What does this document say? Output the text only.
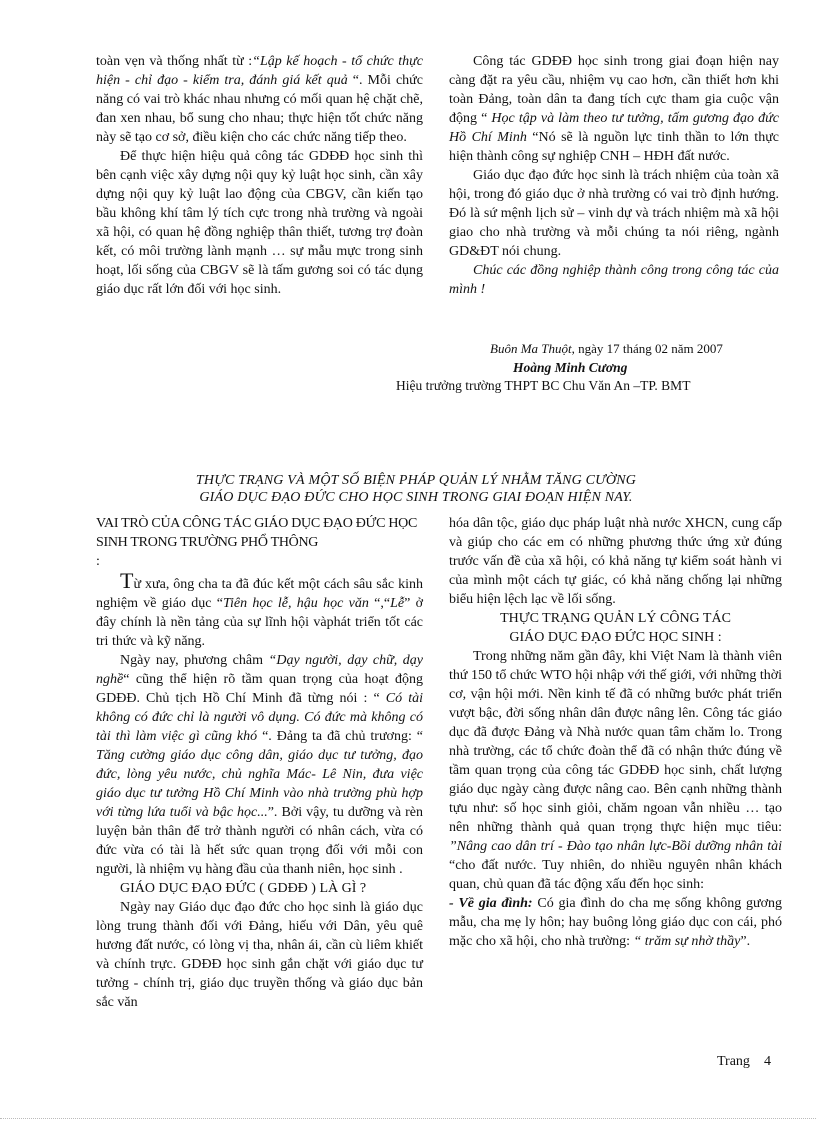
toàn vẹn và thống nhất từ :“Lập kế hoạch - tổ chức thực hiện - chỉ đạo - kiểm tra, đánh giá kết quả “. Mỗi chức năng có vai trò khác nhau nhưng có mối quan hệ chặt chẽ, đan xen nhau, bổ sung cho nhau; thực hiện tốt chức năng này sẽ tạo cơ sở, điều kiện cho các chức năng tiếp theo.

Để thực hiện hiệu quả công tác GDĐĐ học sinh thì bên cạnh việc xây dựng nội quy kỷ luật học sinh, cần xây dựng nội quy kỷ luật lao động của CBGV, cần kiến tạo bầu không khí tâm lý tích cực trong nhà trường và ngoài xã hội, có quan hệ đồng nghiệp thân thiết, tương trợ đoàn kết, có môi trường lành mạnh … sự mẫu mực trong sinh hoạt, lối sống của CBGV sẽ là tấm gương soi có tác dụng giáo dục rất lớn đối với học sinh.

Công tác GDĐĐ học sinh trong giai đoạn hiện nay càng đặt ra yêu cầu, nhiệm vụ cao hơn, cần thiết hơn khi toàn Đảng, toàn dân ta đang tích cực tham gia cuộc vận động “ Học tập và làm theo tư tưởng, tấm gương đạo đức Hồ Chí Minh “Nó sẽ là nguồn lực tinh thần to lớn thực hiện thành công sự nghiệp CNH – HĐH đất nước.

Giáo dục đạo đức học sinh là trách nhiệm của toàn xã hội, trong đó giáo dục ở nhà trường có vai trò định hướng. Đó là sứ mệnh lịch sử – vinh dự và trách nhiệm mà xã hội giao cho nhà trường và mỗi chúng ta nói riêng, ngành GD&ĐT nói chung.

Chúc các đồng nghiệp thành công trong công tác của mình !

Buôn Ma Thuột, ngày 17 tháng 02 năm 2007
Hoàng Minh Cương
Hiệu trưởng trường THPT BC Chu Văn An –TP. BMT
THỰC TRẠNG VÀ MỘT SỐ BIỆN PHÁP QUẢN LÝ NHẰM TĂNG CƯỜNG
GIÁO DỤC ĐẠO ĐỨC CHO HỌC SINH TRONG GIAI ĐOẠN HIỆN NAY.

VAI TRÒ CỦA CÔNG TÁC GIÁO DỤC ĐẠO ĐỨC HỌC SINH TRONG TRƯỜNG PHỔ THÔNG

:

Từ xưa, ông cha ta đã đúc kết một cách sâu sắc kinh nghiệm về giáo dục “Tiên học lễ, hậu học văn “,“Lễ” ở đây chính là nền tảng của sự lĩnh hội vàphát triển tốt các tri thức và kỹ năng.

Ngày nay, phương châm “Dạy người, dạy chữ, dạy nghề“ cũng thể hiện rõ tầm quan trọng của hoạt động GDĐĐ. Chủ tịch Hồ Chí Minh đã từng nói : “ Có tài không có đức chỉ là người vô dụng. Có đức mà không có tài thì làm việc gì cũng khó “. Đảng ta đã chủ trương: “ Tăng cường giáo dục công dân, giáo dục tư tưởng, đạo đức, lòng yêu nước, chủ nghĩa Mác- Lê Nin, đưa việc giáo dục tư tưởng Hồ Chí Minh vào nhà trường phù hợp với từng lứa tuổi và bậc học...”. Bởi vậy, tu dưỡng và rèn luyện bản thân để trở thành người có nhân cách, vừa có đức vừa có tài là hết sức quan trọng đối với mỗi con người, là nhiệm vụ hàng đầu của thanh niên, học sinh .

GIÁO DỤC ĐẠO ĐỨC ( GDĐĐ ) LÀ GÌ ?

Ngày nay Giáo dục đạo đức cho học sinh là giáo dục lòng trung thành đối với Đảng, hiếu với Dân, yêu quê hương đất nước, có lòng vị tha, nhân ái, cần cù liêm khiết và chính trực. GDĐĐ học sinh gắn chặt với giáo dục tư tưởng - chính trị, giáo dục truyền thống và giáo dục bản sắc văn

hóa dân tộc, giáo dục pháp luật nhà nước XHCN, cung cấp và giúp cho các em có những phương thức ứng xử đúng trước vấn đề của xã hội, có khả năng tự kiểm soát hành vi của mình một cách tự giác, có khả năng chống lại những biểu hiện lệch lạc về lối sống.

THỰC TRẠNG QUẢN LÝ CÔNG TÁC

GIÁO DỤC ĐẠO ĐỨC HỌC SINH :

Trong những năm gần đây, khi Việt Nam là thành viên thứ 150 tổ chức WTO hội nhập với thế giới, với những thời cơ, vận hội mới. Nền kinh tế đã có những bước phát triển vượt bậc, đời sống nhân dân được nâng lên. Công tác giáo dục đã được Đảng và Nhà nước quan tâm chăm lo. Trong nhà trường, các tổ chức đoàn thể đã có nhận thức đúng về tầm quan trọng của công tác GDĐĐ học sinh, chất lượng giáo dục ngày càng được nâng cao. Bên cạnh những thành tựu như: số học sinh giỏi, chăm ngoan vẫn nhiều … tạo nên những thành quả quan trọng thực hiện mục tiêu: ”Nâng cao dân trí - Đào tạo nhân lực-Bồi dưỡng nhân tài “cho đất nước. Tuy nhiên, do nhiều nguyên nhân khách quan, chủ quan đã tác động xấu đến học sinh:

- Về gia đình: Có gia đình do cha mẹ sống không gương mẫu, cha mẹ ly hôn; hay buông lỏng giáo dục con cái, phó mặc cho xã hội, cho nhà trường: “ trăm sự nhờ thầy”.

Trang 4
